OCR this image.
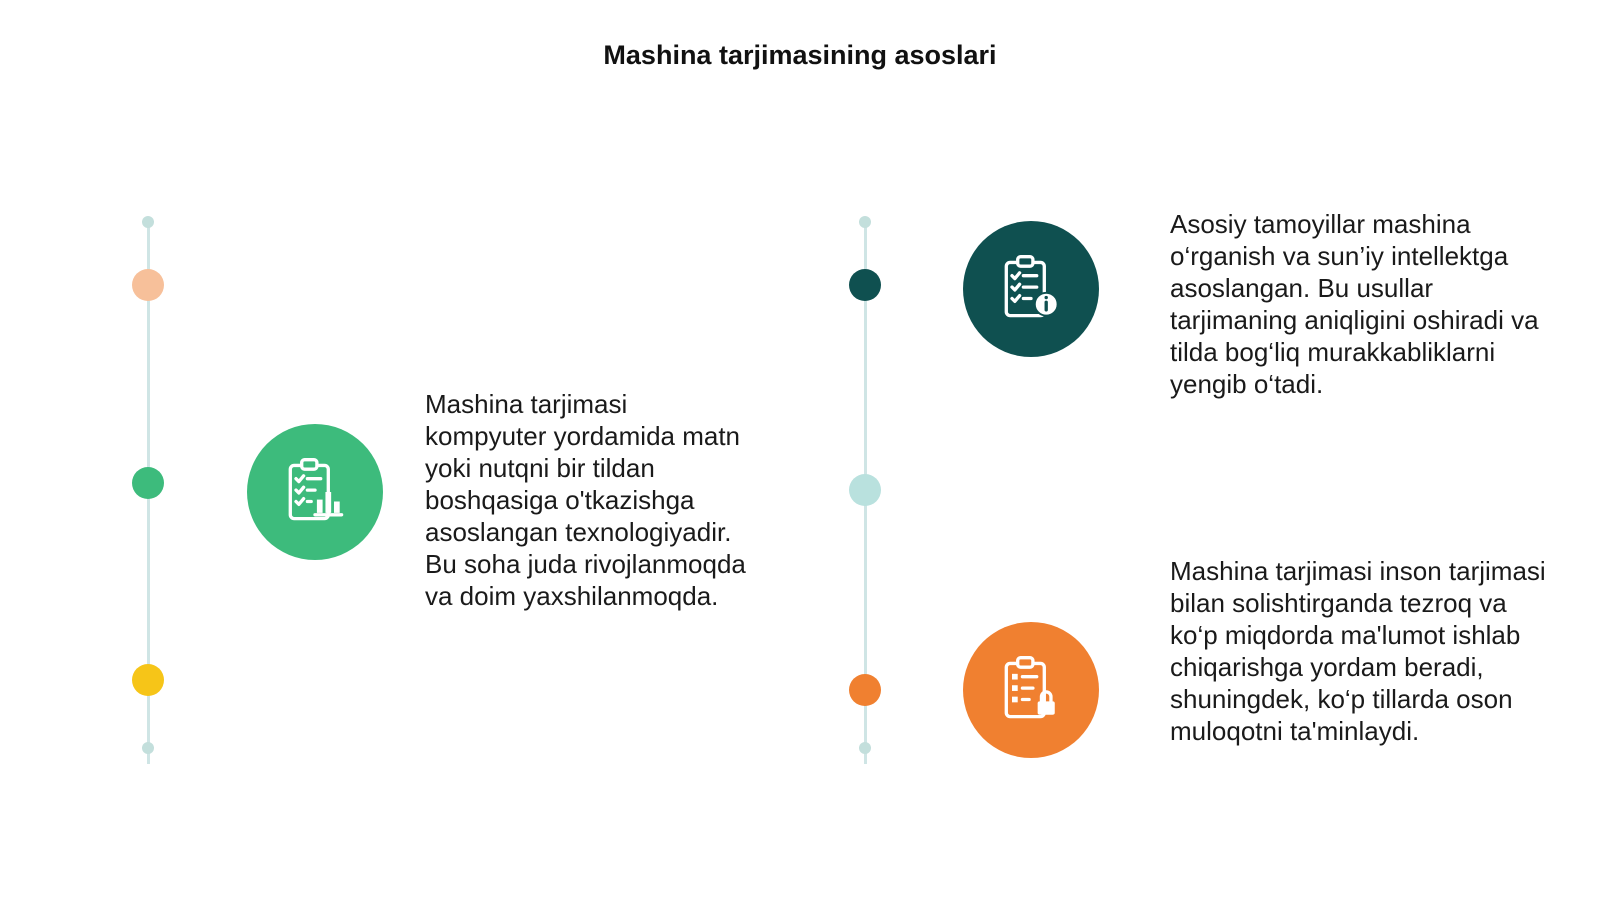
Mashina tarjimasining asoslari
Mashina tarjimasi kompyuter yordamida matn yoki nutqni bir tildan boshqasiga o'tkazishga asoslangan texnologiyadir. Bu soha juda rivojlanmoqda va doim yaxshilanmoqda.
Asosiy tamoyillar mashina o‘rganish va sun’iy intellektga asoslangan. Bu usullar tarjimaning aniqligini oshiradi va tilda bog‘liq murakkabliklarni yengib o‘tadi.
Mashina tarjimasi inson tarjimasi bilan solishtirganda tezroq va ko‘p miqdorda ma'lumot ishlab chiqarishga yordam beradi, shuningdek, ko‘p tillarda oson muloqotni ta'minlaydi.
